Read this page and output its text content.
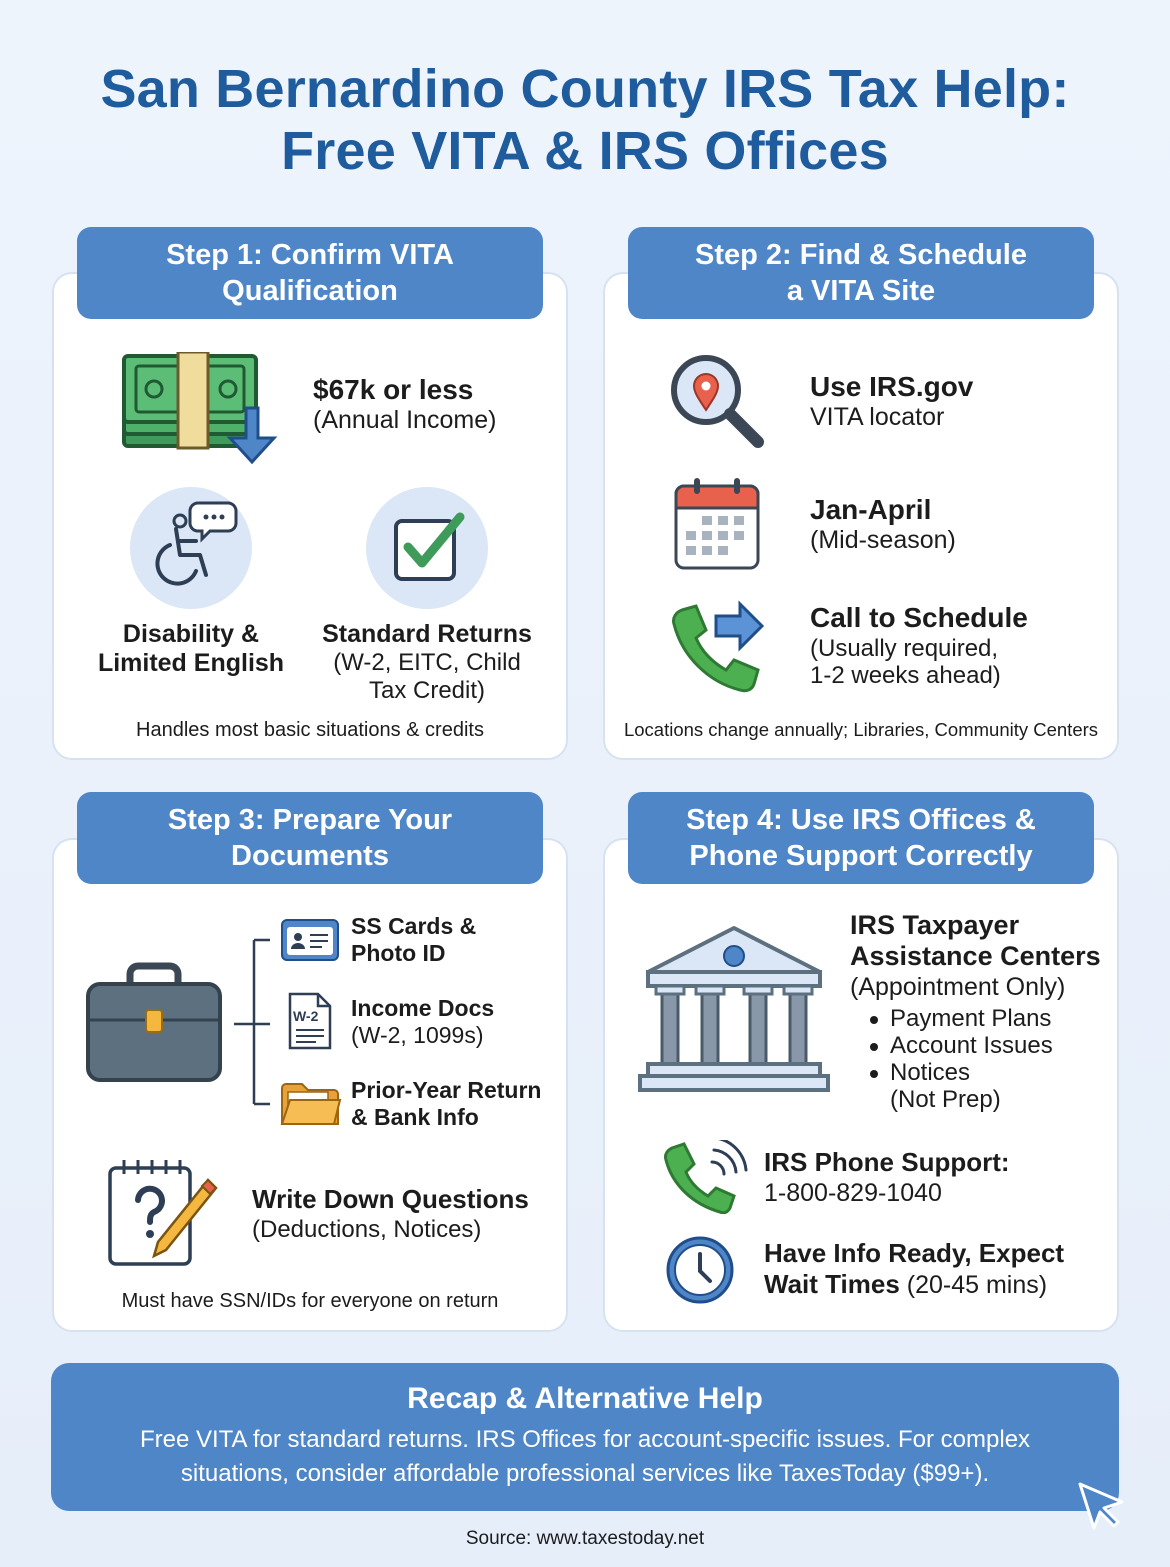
San Bernardino County IRS Tax Help:
Free VITA & IRS Offices
Step 1: Confirm VITA
Qualification
$67k or less
(Annual Income)
Disability &
Limited English
Standard Returns
(W-2, EITC, Child
Tax Credit)
Handles most basic situations & credits
Step 2: Find & Schedule
a VITA Site
Use IRS.gov
VITA locator
Jan-April
(Mid-season)
Call to Schedule
(Usually required,
1-2 weeks ahead)
Locations change annually; Libraries, Community Centers
Step 3: Prepare Your
Documents
SS Cards &
Photo ID
W-2 Income Docs
(W-2, 1099s)
Prior-Year Return
& Bank Info
Write Down Questions
(Deductions, Notices)
Must have SSN/IDs for everyone on return
Step 4: Use IRS Offices &
Phone Support Correctly
IRS Taxpayer
Assistance Centers
(Appointment Only)
Payment Plans
Account Issues
Notices
(Not Prep)
IRS Phone Support:
1-800-829-1040
Have Info Ready, Expect
Wait Times (20-45 mins)
Recap & Alternative Help
Free VITA for standard returns. IRS Offices for account-specific issues. For complex
situations, consider affordable professional services like TaxesToday ($99+).
Source: www.taxestoday.net
